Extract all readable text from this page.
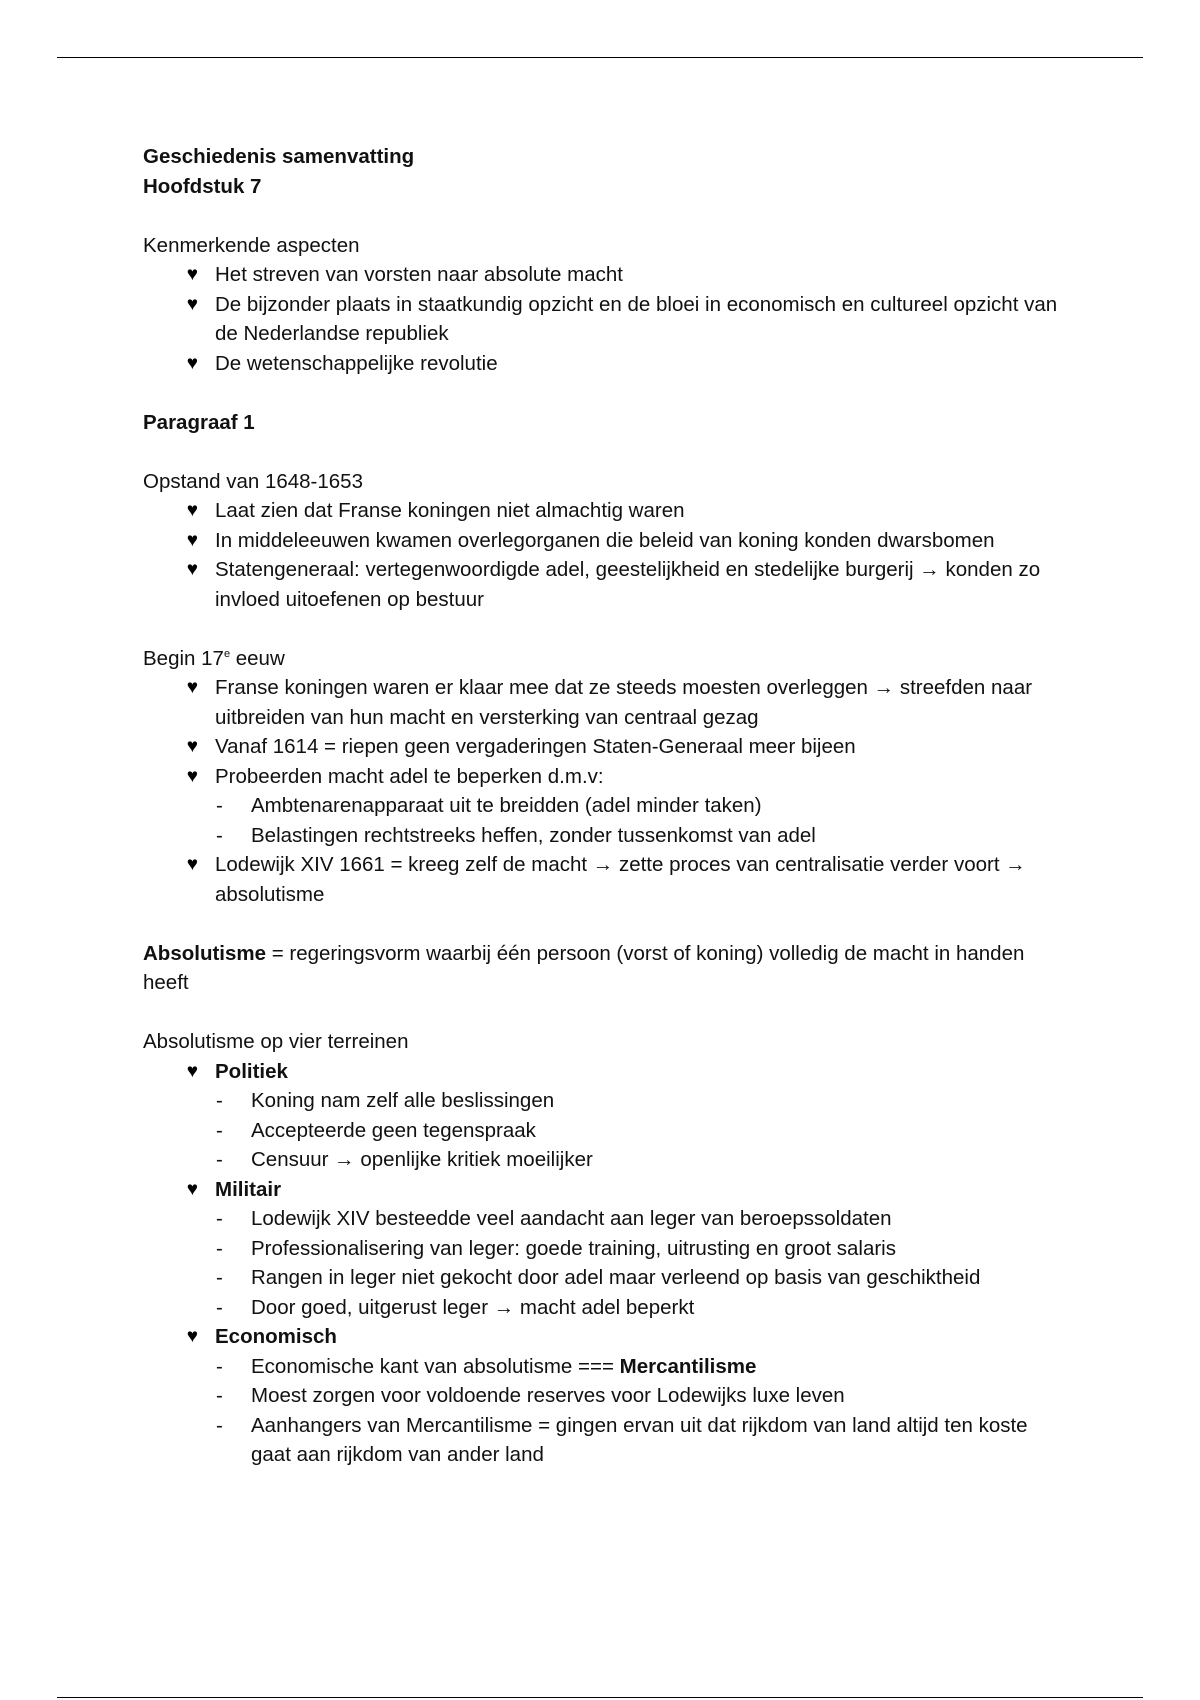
Geschiedenis samenvatting

Hoofdstuk 7

Kenmerkende aspecten

♥ Het streven van vorsten naar absolute macht
♥ De bijzonder plaats in staatkundig opzicht en de bloei in economisch en cultureel opzicht van de Nederlandse republiek
♥ De wetenschappelijke revolutie

Paragraaf 1

Opstand van 1648-1653

♥ Laat zien dat Franse koningen niet almachtig waren
♥ In middeleeuwen kwamen overlegorganen die beleid van koning konden dwarsbomen
♥ Statengeneraal: vertegenwoordigde adel, geestelijkheid en stedelijke burgerij → konden zo invloed uitoefenen op bestuur

Begin 17e eeuw

♥ Franse koningen waren er klaar mee dat ze steeds moesten overleggen → streefden naar uitbreiden van hun macht en versterking van centraal gezag
♥ Vanaf 1614 = riepen geen vergaderingen Staten-Generaal meer bijeen
♥ Probeerden macht adel te beperken d.m.v:
-	Ambtenarenapparaat uit te breidden (adel minder taken)
-	Belastingen rechtstreeks heffen, zonder tussenkomst van adel
♥ Lodewijk XIV 1661 = kreeg zelf de macht → zette proces van centralisatie verder voort → absolutisme

Absolutisme = regeringsvorm waarbij één persoon (vorst of koning) volledig de macht in handen heeft

Absolutisme op vier terreinen

♥ Politiek
-	Koning nam zelf alle beslissingen
-	Accepteerde geen tegenspraak
-	Censuur → openlijke kritiek moeilijker
♥ Militair
-	Lodewijk XIV besteedde veel aandacht aan leger van beroepssoldaten
-	Professionalisering van leger: goede training, uitrusting en groot salaris
-	Rangen in leger niet gekocht door adel maar verleend op basis van geschiktheid
-	Door goed, uitgerust leger → macht adel beperkt
♥ Economisch
-	Economische kant van absolutisme === Mercantilisme
-	Moest zorgen voor voldoende reserves voor Lodewijks luxe leven
-	Aanhangers van Mercantilisme = gingen ervan uit dat rijkdom van land altijd ten koste gaat aan rijkdom van ander land
